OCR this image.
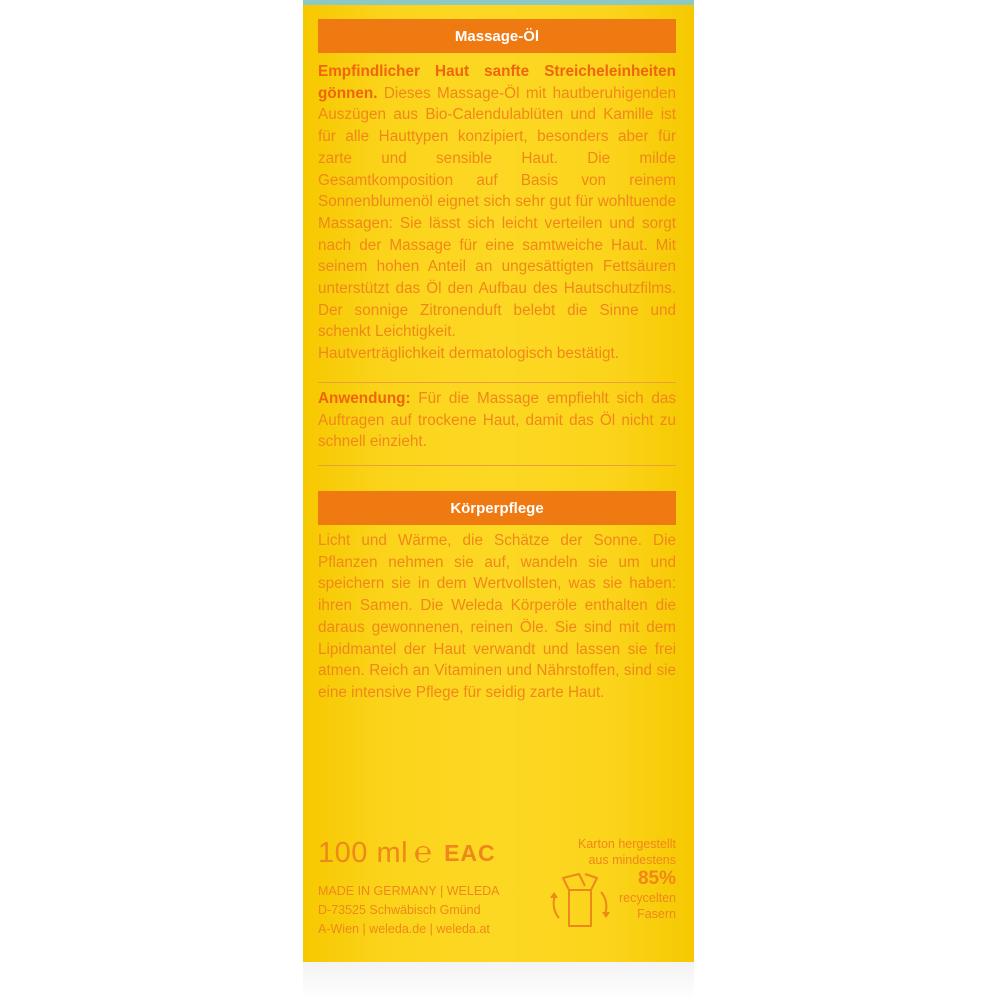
Massage-Öl

Empfindlicher Haut sanfte Streicheleinheiten gönnen. Dieses Massage-Öl mit hautberuhigenden Auszügen aus Bio-Calendulablüten und Kamille ist für alle Hauttypen konzipiert, besonders aber für zarte und sensible Haut. Die milde Gesamtkomposition auf Basis von reinem Sonnenblumenöl eignet sich sehr gut für wohltuende Massagen: Sie lässt sich leicht verteilen und sorgt nach der Massage für eine samtweiche Haut. Mit seinem hohen Anteil an ungesättigten Fettsäuren unterstützt das Öl den Aufbau des Hautschutzfilms. Der sonnige Zitronenduft belebt die Sinne und schenkt Leichtigkeit.
Hautverträglichkeit dermatologisch bestätigt.

Anwendung: Für die Massage empfiehlt sich das Auftragen auf trockene Haut, damit das Öl nicht zu schnell einzieht.

Körperpflege

Licht und Wärme, die Schätze der Sonne. Die Pflanzen nehmen sie auf, wandeln sie um und speichern sie in dem Wertvollsten, was sie haben: ihren Samen. Die Weleda Körperöle enthalten die daraus gewonnenen, reinen Öle. Sie sind mit dem Lipidmantel der Haut verwandt und lassen sie frei atmen. Reich an Vitaminen und Nährstoffen, sind sie eine intensive Pflege für seidig zarte Haut.

100 ml ℮ EAC
MADE IN GERMANY | WELEDA
D-73525 Schwäbisch Gmünd
A-Wien | weleda.de | weleda.at
Karton hergestellt
aus mindestens
85%
recycelten
Fasern
